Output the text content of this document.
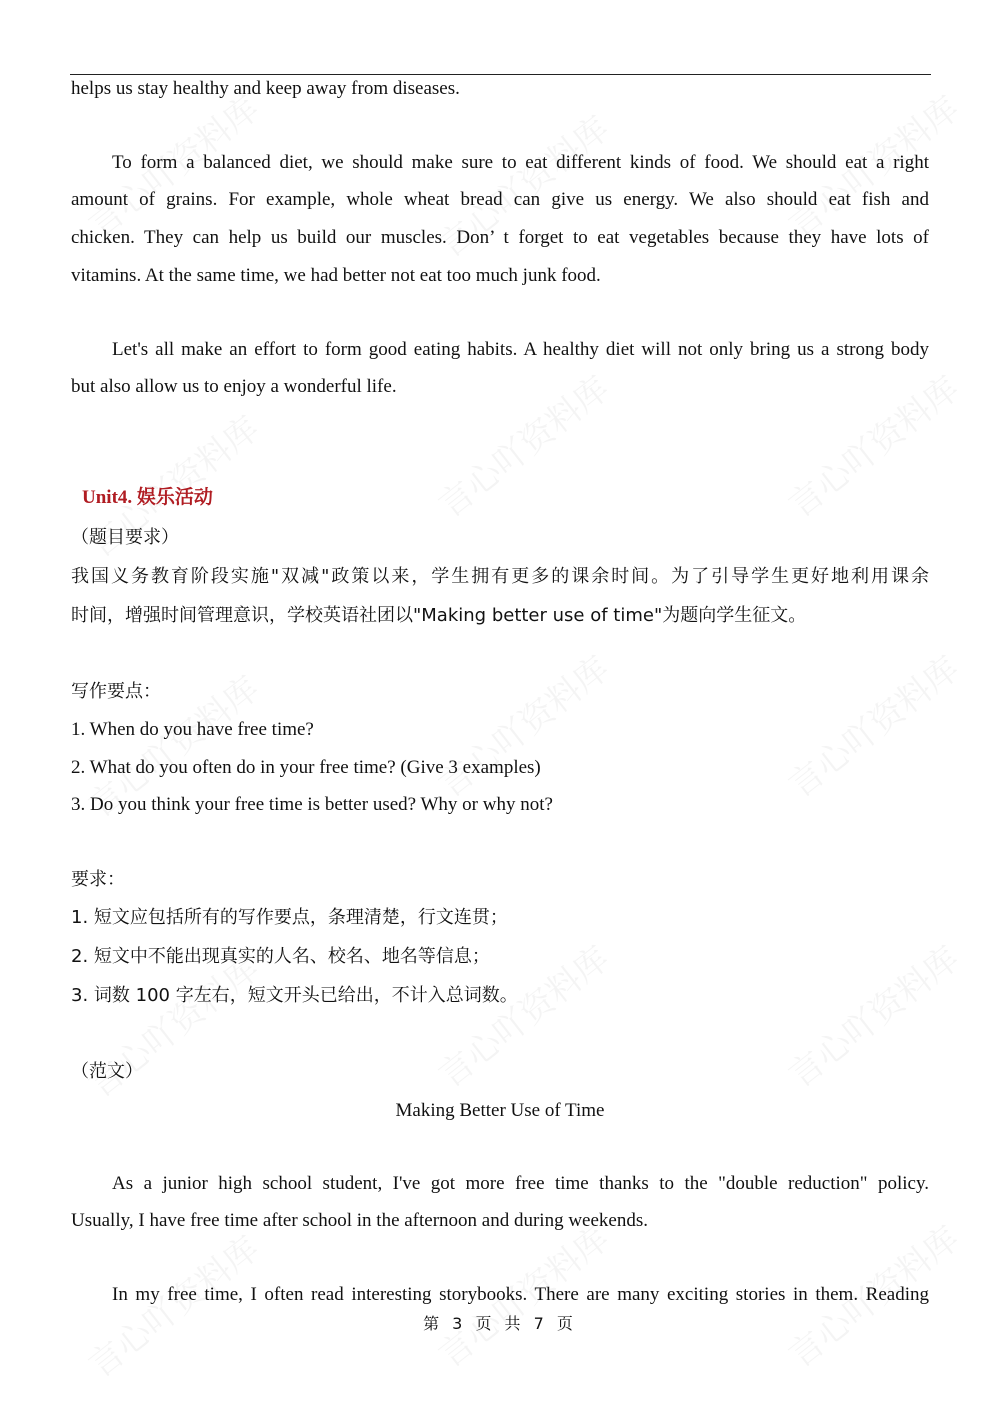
helps us stay healthy and keep away from diseases.
To form a balanced diet, we should make sure to eat different kinds of food. We should eat a right
amount of grains. For example, whole wheat bread can give us energy. We also should eat fish and
chicken. They can help us build our muscles. Don’ t forget to eat vegetables because they have lots of
vitamins. At the same time, we had better not eat too much junk food.
Let's all make an effort to form good eating habits. A healthy diet will not only bring us a strong body
but also allow us to enjoy a wonderful life.
Unit4. 娱乐活动
（题目要求）
我国义务教育阶段实施"双减"政策以来，学生拥有更多的课余时间。为了引导学生更好地利用课余
时间，增强时间管理意识，学校英语社团以"Making better use of time"为题向学生征文。
写作要点：
1. When do you have free time?
2. What do you often do in your free time? (Give 3 examples)
3. Do you think your free time is better used? Why or why not?
要求：
1. 短文应包括所有的写作要点，条理清楚，行文连贯；
2. 短文中不能出现真实的人名、校名、地名等信息；
3. 词数 100 字左右，短文开头已给出，不计入总词数。
（范文）
Making Better Use of Time
As a junior high school student, I've got more free time thanks to the "double reduction" policy.
Usually, I have free time after school in the afternoon and during weekends.
In my free time, I often read interesting storybooks. There are many exciting stories in them. Reading
第 3 页 共 7 页
